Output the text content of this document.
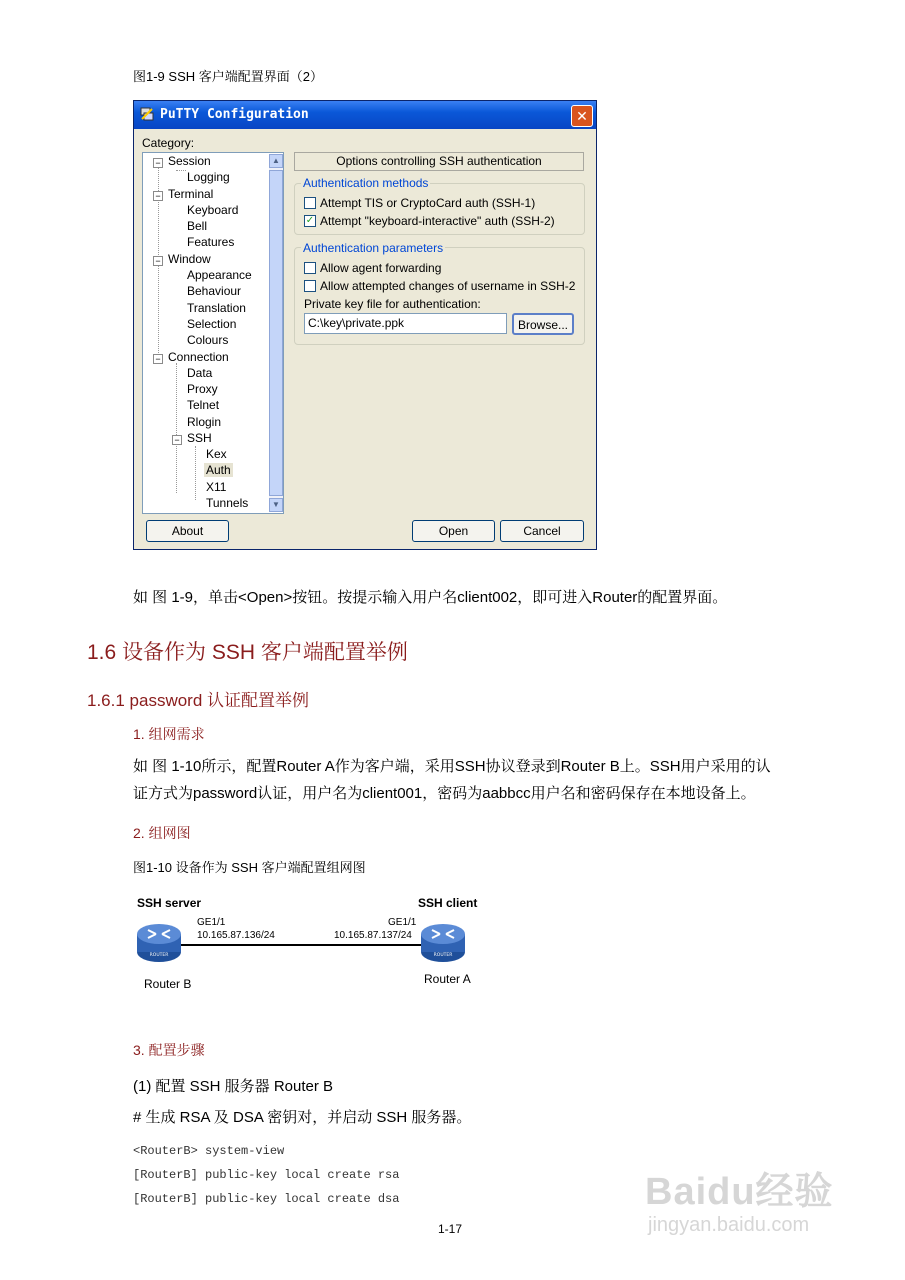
图1-9 SSH 客户端配置界面（2）
PuTTY Configuration	✕
Category:
− Session
Logging
− Terminal
Keyboard
Bell
Features
− Window
Appearance
Behaviour
Translation
Selection
Colours
− Connection
Data
Proxy
Telnet
Rlogin
− SSH
Kex
Auth
X11
Tunnels
▲
▼
Options controlling SSH authentication
Authentication methods
Attempt TIS or CryptoCard auth (SSH-1)
✓ Attempt "keyboard-interactive" auth (SSH-2)
Authentication parameters
Allow agent forwarding
Allow attempted changes of username in SSH-2
Private key file for authentication:
C:\key\private.ppk	Browse...
About	Open	Cancel
如 图 1-9，单击<Open>按钮。按提示输入用户名client002，即可进入Router的配置界面。
1.6 设备作为 SSH 客户端配置举例
1.6.1 password 认证配置举例
1. 组网需求
如 图 1-10所示，配置Router A作为客户端，采用SSH协议登录到Router B上。SSH用户采用的认
证方式为password认证，用户名为client001，密码为aabbcc用户名和密码保存在本地设备上。
2. 组网图
图1-10 设备作为 SSH 客户端配置组网图
SSH server	SSH client
GE1/1
10.165.87.136/24
GE1/1
10.165.87.137/24
ROUTER	ROUTER
Router B	Router A
3. 配置步骤
(1) 配置 SSH 服务器 Router B
# 生成 RSA 及 DSA 密钥对，并启动 SSH 服务器。
<RouterB> system-view
[RouterB] public-key local create rsa
[RouterB] public-key local create dsa
1-17
Baidu经验
jingyan.baidu.com
